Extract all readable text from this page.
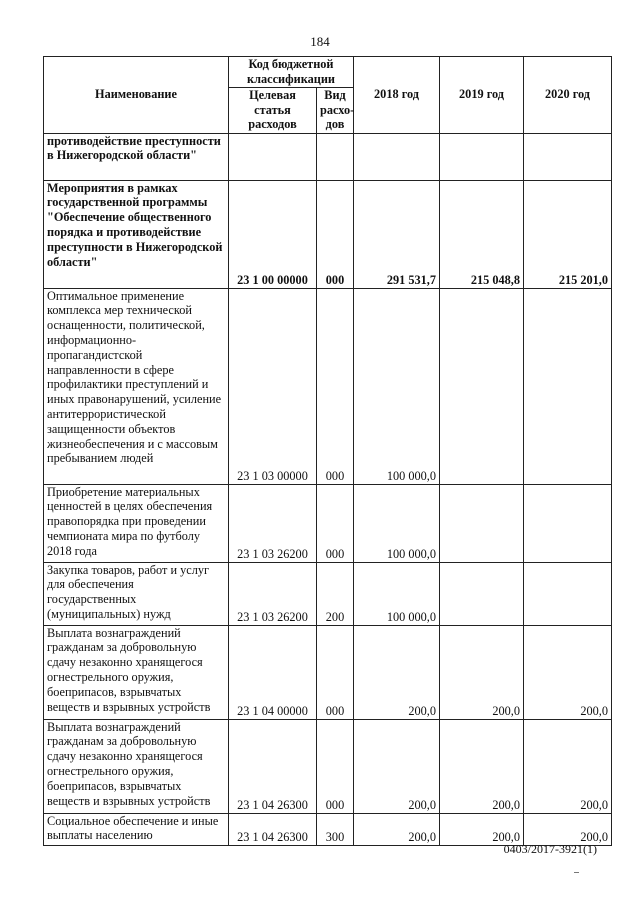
184
Наименование	Код бюджетной классификации		2018 год	2019 год	2020 год
	Целевая статья расходов	Вид расхо-дов			
противодействие преступности в Нижегородской области"					
Мероприятия в рамках государственной программы "Обеспечение общественного порядка и противодействие преступности в Нижегородской области"	23 1 00 00000	000	291 531,7	215 048,8	215 201,0
Оптимальное применение комплекса мер технической оснащенности, политической, информационно-пропагандистской направленности в сфере профилактики преступлений и иных правонарушений, усиление антитеррористической защищенности объектов жизнеобеспечения и с массовым пребыванием людей	23 1 03 00000	000	100 000,0		
Приобретение материальных ценностей в целях обеспечения правопорядка при проведении чемпионата мира по футболу 2018 года	23 1 03 26200	000	100 000,0		
Закупка товаров, работ и услуг для обеспечения государственных (муниципальных) нужд	23 1 03 26200	200	100 000,0		
Выплата вознаграждений гражданам за добровольную сдачу незаконно хранящегося огнестрельного оружия, боеприпасов, взрывчатых веществ и взрывных устройств	23 1 04 00000	000	200,0	200,0	200,0
Выплата вознаграждений гражданам за добровольную сдачу незаконно хранящегося огнестрельного оружия, боеприпасов, взрывчатых веществ и взрывных устройств	23 1 04 26300	000	200,0	200,0	200,0
Социальное обеспечение и иные выплаты населению	23 1 04 26300	300	200,0	200,0	200,0
0403/2017-3921(1)
